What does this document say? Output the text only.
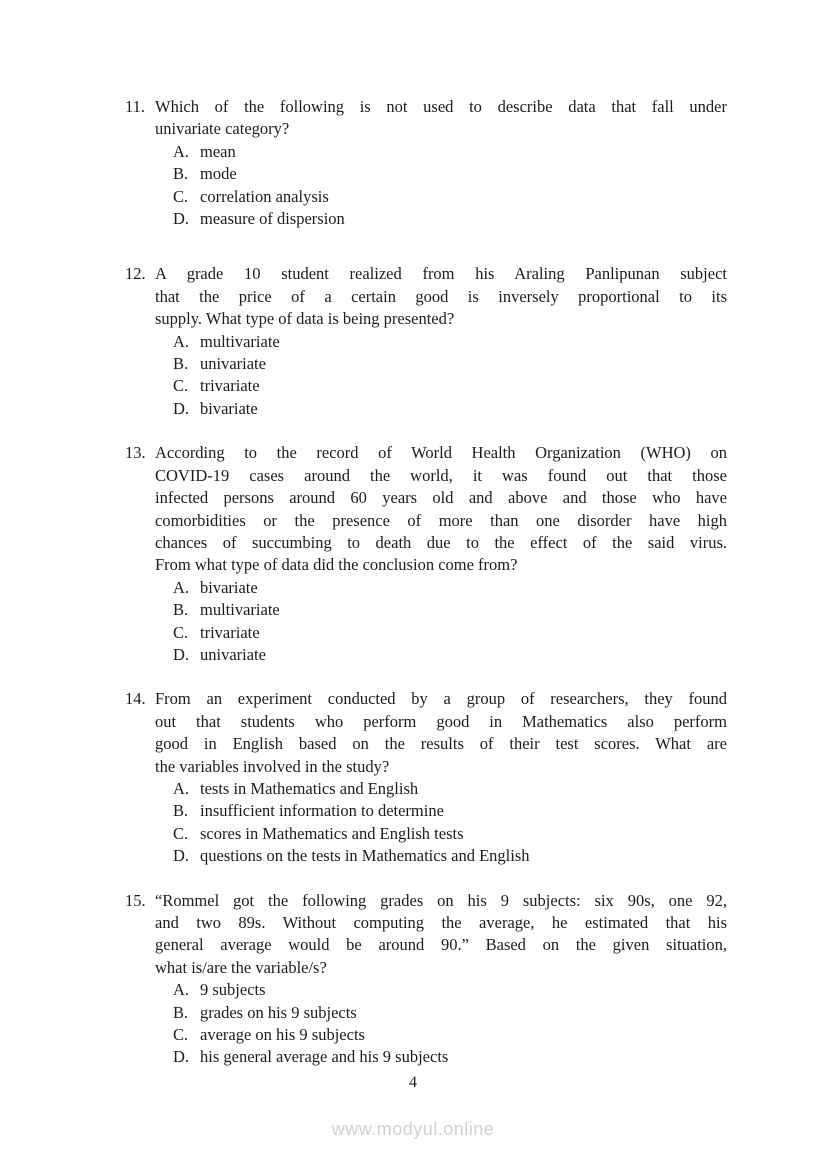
11. Which of the following is not used to describe data that fall under
univariate category?
A. mean
B. mode
C. correlation analysis
D. measure of dispersion
12. A grade 10 student realized from his Araling Panlipunan subject
that the price of a certain good is inversely proportional to its
supply. What type of data is being presented?
A. multivariate
B. univariate
C. trivariate
D. bivariate
13. According to the record of World Health Organization (WHO) on
COVID-19 cases around the world, it was found out that those
infected persons around 60 years old and above and those who have
comorbidities or the presence of more than one disorder have high
chances of succumbing to death due to the effect of the said virus.
From what type of data did the conclusion come from?
A. bivariate
B. multivariate
C. trivariate
D. univariate
14. From an experiment conducted by a group of researchers, they found
out that students who perform good in Mathematics also perform
good in English based on the results of their test scores. What are
the variables involved in the study?
A. tests in Mathematics and English
B. insufficient information to determine
C. scores in Mathematics and English tests
D. questions on the tests in Mathematics and English
15. “Rommel got the following grades on his 9 subjects: six 90s, one 92,
and two 89s. Without computing the average, he estimated that his
general average would be around 90.” Based on the given situation,
what is/are the variable/s?
A. 9 subjects
B. grades on his 9 subjects
C. average on his 9 subjects
D. his general average and his 9 subjects
4
www.modyul.online
